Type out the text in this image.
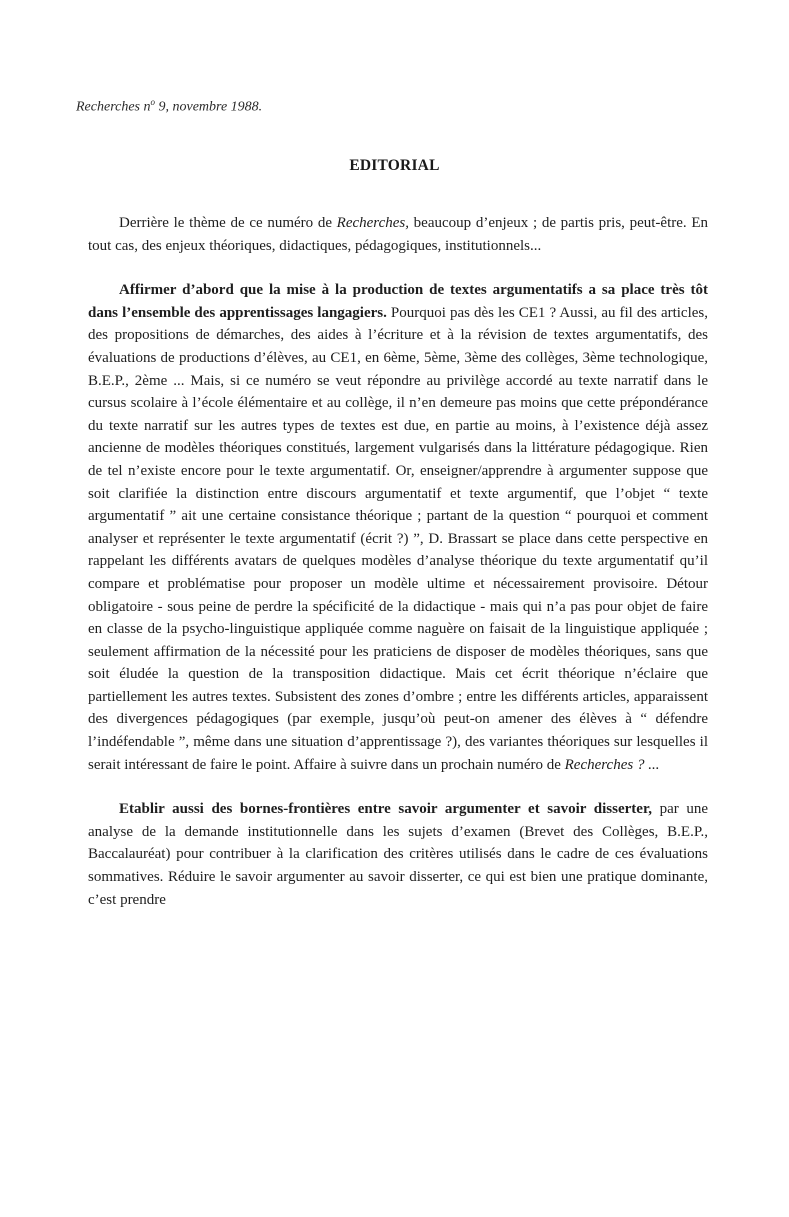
Recherches $n^o$ 9, novembre 1988.
EDITORIAL

Derrière le thème de ce numéro de Recherches, beaucoup d’enjeux ; de partis pris, peut-être. En tout cas, des enjeux théoriques, didactiques, pédagogiques, institutionnels...

Affirmer d’abord que la mise à la production de textes argumentatifs a sa place très tôt dans l’ensemble des apprentissages langagiers. Pourquoi pas dès les CE1 ? Aussi, au fil des articles, des propositions de démarches, des aides à l’écriture et à la révision de textes argumentatifs, des évaluations de productions d’élèves, au CE1, en 6ème, 5ème, 3ème des collèges, 3ème technologique, B.E.P., 2ème ... Mais, si ce numéro se veut répondre au privilège accordé au texte narratif dans le cursus scolaire à l’école élémentaire et au collège, il n’en demeure pas moins que cette prépondérance du texte narratif sur les autres types de textes est due, en partie au moins, à l’existence déjà assez ancienne de modèles théoriques constitués, largement vulgarisés dans la littérature pédagogique. Rien de tel n’existe encore pour le texte argumentatif. Or, enseigner/apprendre à argumenter suppose que soit clarifiée la distinction entre discours argumentatif et texte argumentif, que l’objet “ texte argumentatif ” ait une certaine consistance théorique ; partant de la question “ pourquoi et comment analyser et représenter le texte argumentatif (écrit ?) ”, D. Brassart se place dans cette perspective en rappelant les différents avatars de quelques modèles d’analyse théorique du texte argumentatif qu’il compare et problématise pour proposer un modèle ultime et nécessairement provisoire. Détour obligatoire - sous peine de perdre la spécificité de la didactique - mais qui n’a pas pour objet de faire en classe de la psycho-linguistique appliquée comme naguère on faisait de la linguistique appliquée ; seulement affirmation de la nécessité pour les praticiens de disposer de modèles théoriques, sans que soit éludée la question de la transposition didactique. Mais cet écrit théorique n’éclaire que partiellement les autres textes. Subsistent des zones d’ombre ; entre les différents articles, apparaissent des divergences pédagogiques (par exemple, jusqu’où peut-on amener des élèves à “ défendre l’indéfendable ”, même dans une situation d’apprentissage ?), des variantes théoriques sur lesquelles il serait intéressant de faire le point. Affaire à suivre dans un prochain numéro de Recherches ? ...

Etablir aussi des bornes-frontières entre savoir argumenter et savoir disserter, par une analyse de la demande institutionnelle dans les sujets d’examen (Brevet des Collèges, B.E.P., Baccalauréat) pour contribuer à la clarification des critères utilisés dans le cadre de ces évaluations sommatives. Réduire le savoir argumenter au savoir disserter, ce qui est bien une pratique dominante, c’est prendre
